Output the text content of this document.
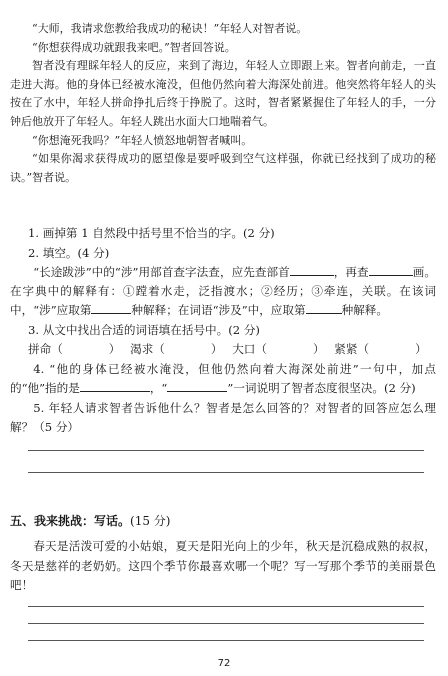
“大师，我请求您教给我成功的秘诀！”年轻人对智者说。

“你想获得成功就跟我来吧。”智者回答说。

智者没有理睬年轻人的反应，来到了海边，年轻人立即跟上来。智者向前走，一直走进大海。他的身体已经被水淹没，但他仍然向着大海深处前进。他突然将年轻人的头按在了水中，年轻人拼命挣扎后终于挣脱了。这时，智者紧紧握住了年轻人的手，一分钟后他放开了年轻人。年轻人跳出水面大口地喘着气。

“你想淹死我吗？”年轻人愤怒地朝智者喊叫。

“如果你渴求获得成功的愿望像是要呼吸到空气这样强，你就已经找到了成功的秘诀。”智者说。

1. 画掉第 1 自然段中括号里不恰当的字。(2 分)

2. 填空。(4 分)

“长途跋涉”中的“涉”用部首查字法查，应先查部首	，再查	画。在字典中的解释有：①蹚着水走，泛指渡水；②经历；③牵连，关联。在该词中，“涉”应取第	种解释；在词语“涉及”中，应取第	种解释。

3. 从文中找出合适的词语填在括号中。(2 分)

拼命（	） 渴求（	） 大口（	） 紧紧（	）

4. “他的身体已经被水淹没，但他仍然向着大海深处前进”一句中，加点的“他”指的是	，“	”一词说明了智者态度很坚决。(2 分)

5. 年轻人请求智者告诉他什么？智者是怎么回答的？对智者的回答应怎么理解？（5 分）

五、我来挑战：写话。(15 分)

春天是活泼可爱的小姑娘，夏天是阳光向上的少年，秋天是沉稳成熟的叔叔，冬天是慈祥的老奶奶。这四个季节你最喜欢哪一个呢？写一写那个季节的美丽景色吧！

72
